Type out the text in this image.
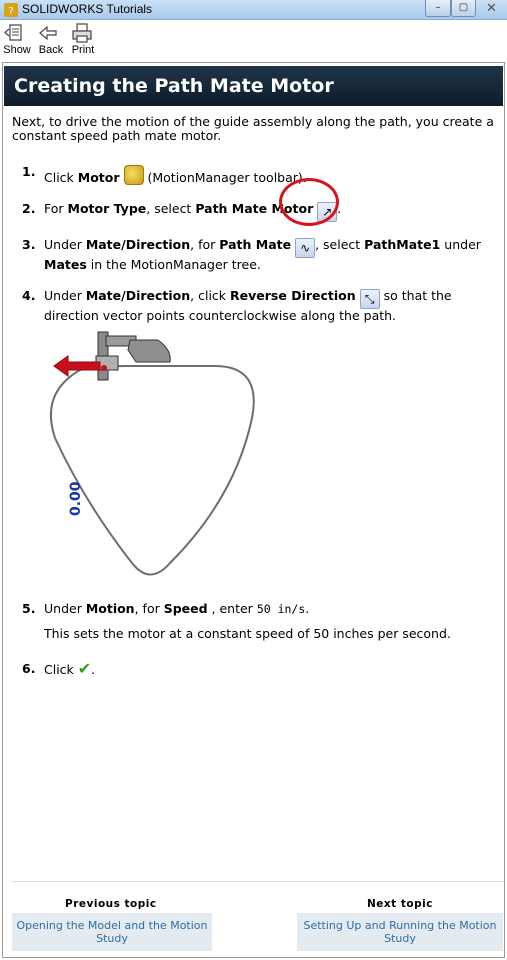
? SOLIDWORKS Tutorials	–	▢	✕
Show Back Print
Creating the Path Mate Motor
Next, to drive the motion of the guide assembly along the path, you create a constant speed path mate motor.
1. Click Motor  (MotionManager toolbar).
2. For Motor Type, select Path Mate Motor ↗ .
3. Under Mate/Direction, for Path Mate ∿ , select PathMate1 under Mates in the MotionManager tree.
4. Under Mate/Direction, click Reverse Direction ⤡ so that the direction vector points counterclockwise along the path.
0.00
5. Under Motion, for Speed , enter 50 in/s.
This sets the motor at a constant speed of 50 inches per second.
6. Click ✔.
Previous topic	Next topic
Opening the Model and the Motion Study
Setting Up and Running the Motion Study
